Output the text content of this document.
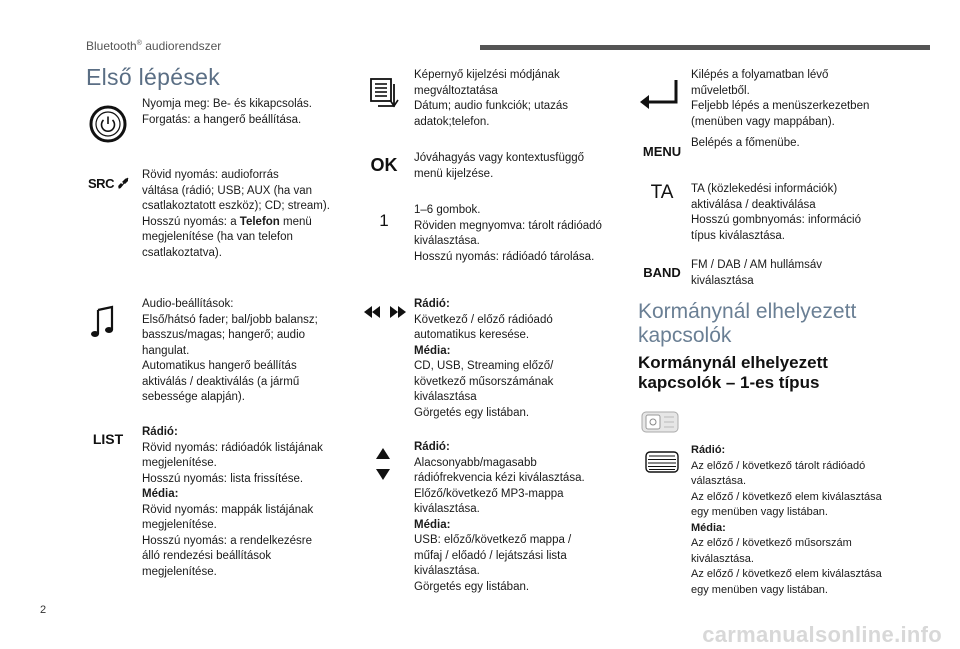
Bluetooth® audiorendszer
Első lépések
Nyomja meg: Be- és kikapcsolás.
Forgatás: a hangerő beállítása.
SRC
Rövid nyomás: audioforrás
váltása (rádió; USB; AUX (ha van
csatlakoztatott eszköz); CD; stream).
Hosszú nyomás: a Telefon menü
megjelenítése (ha van telefon
csatlakoztatva).
Audio-beállítások:
Első/hátsó fader; bal/jobb balansz;
basszus/magas; hangerő; audio
hangulat.
Automatikus hangerő beállítás
aktiválás / deaktiválás (a jármű
sebessége alapján).
LIST Rádió:
Rövid nyomás: rádióadók listájának
megjelenítése.
Hosszú nyomás: lista frissítése.
Média:
Rövid nyomás: mappák listájának
megjelenítése.
Hosszú nyomás: a rendelkezésre
álló rendezési beállítások
megjelenítése.
Képernyő kijelzési módjának
megváltoztatása
Dátum; audio funkciók; utazás
adatok;telefon.
OK Jóváhagyás vagy kontextusfüggő
menü kijelzése.
1
1–6 gombok.
Röviden megnyomva: tárolt rádióadó
kiválasztása.
Hosszú nyomás: rádióadó tárolása.
Rádió:
Következő / előző rádióadó
automatikus keresése.
Média:
CD, USB, Streaming előző/
következő műsorszámának
kiválasztása
Görgetés egy listában.
Rádió:
Alacsonyabb/magasabb
rádiófrekvencia kézi kiválasztása.
Előző/következő MP3-mappa
kiválasztása.
Média:
USB: előző/következő mappa /
műfaj / előadó / lejátszási lista
kiválasztása.
Görgetés egy listában.
Kilépés a folyamatban lévő
műveletből.
Feljebb lépés a menüszerkezetben
(menüben vagy mappában).
MENU
Belépés a főmenübe.
TA TA (közlekedési információk)
aktiválása / deaktiválása
Hosszú gombnyomás: információ
típus kiválasztása.
BAND FM / DAB / AM hullámsáv
kiválasztása
Kormánynál elhelyezett
kapcsolók
Kormánynál elhelyezett
kapcsolók – 1-es típus
Rádió:
Az előző / következő tárolt rádióadó
választása.
Az előző / következő elem kiválasztása
egy menüben vagy listában.
Média:
Az előző / következő műsorszám
kiválasztása.
Az előző / következő elem kiválasztása
egy menüben vagy listában.
2
carmanualsonline.info
